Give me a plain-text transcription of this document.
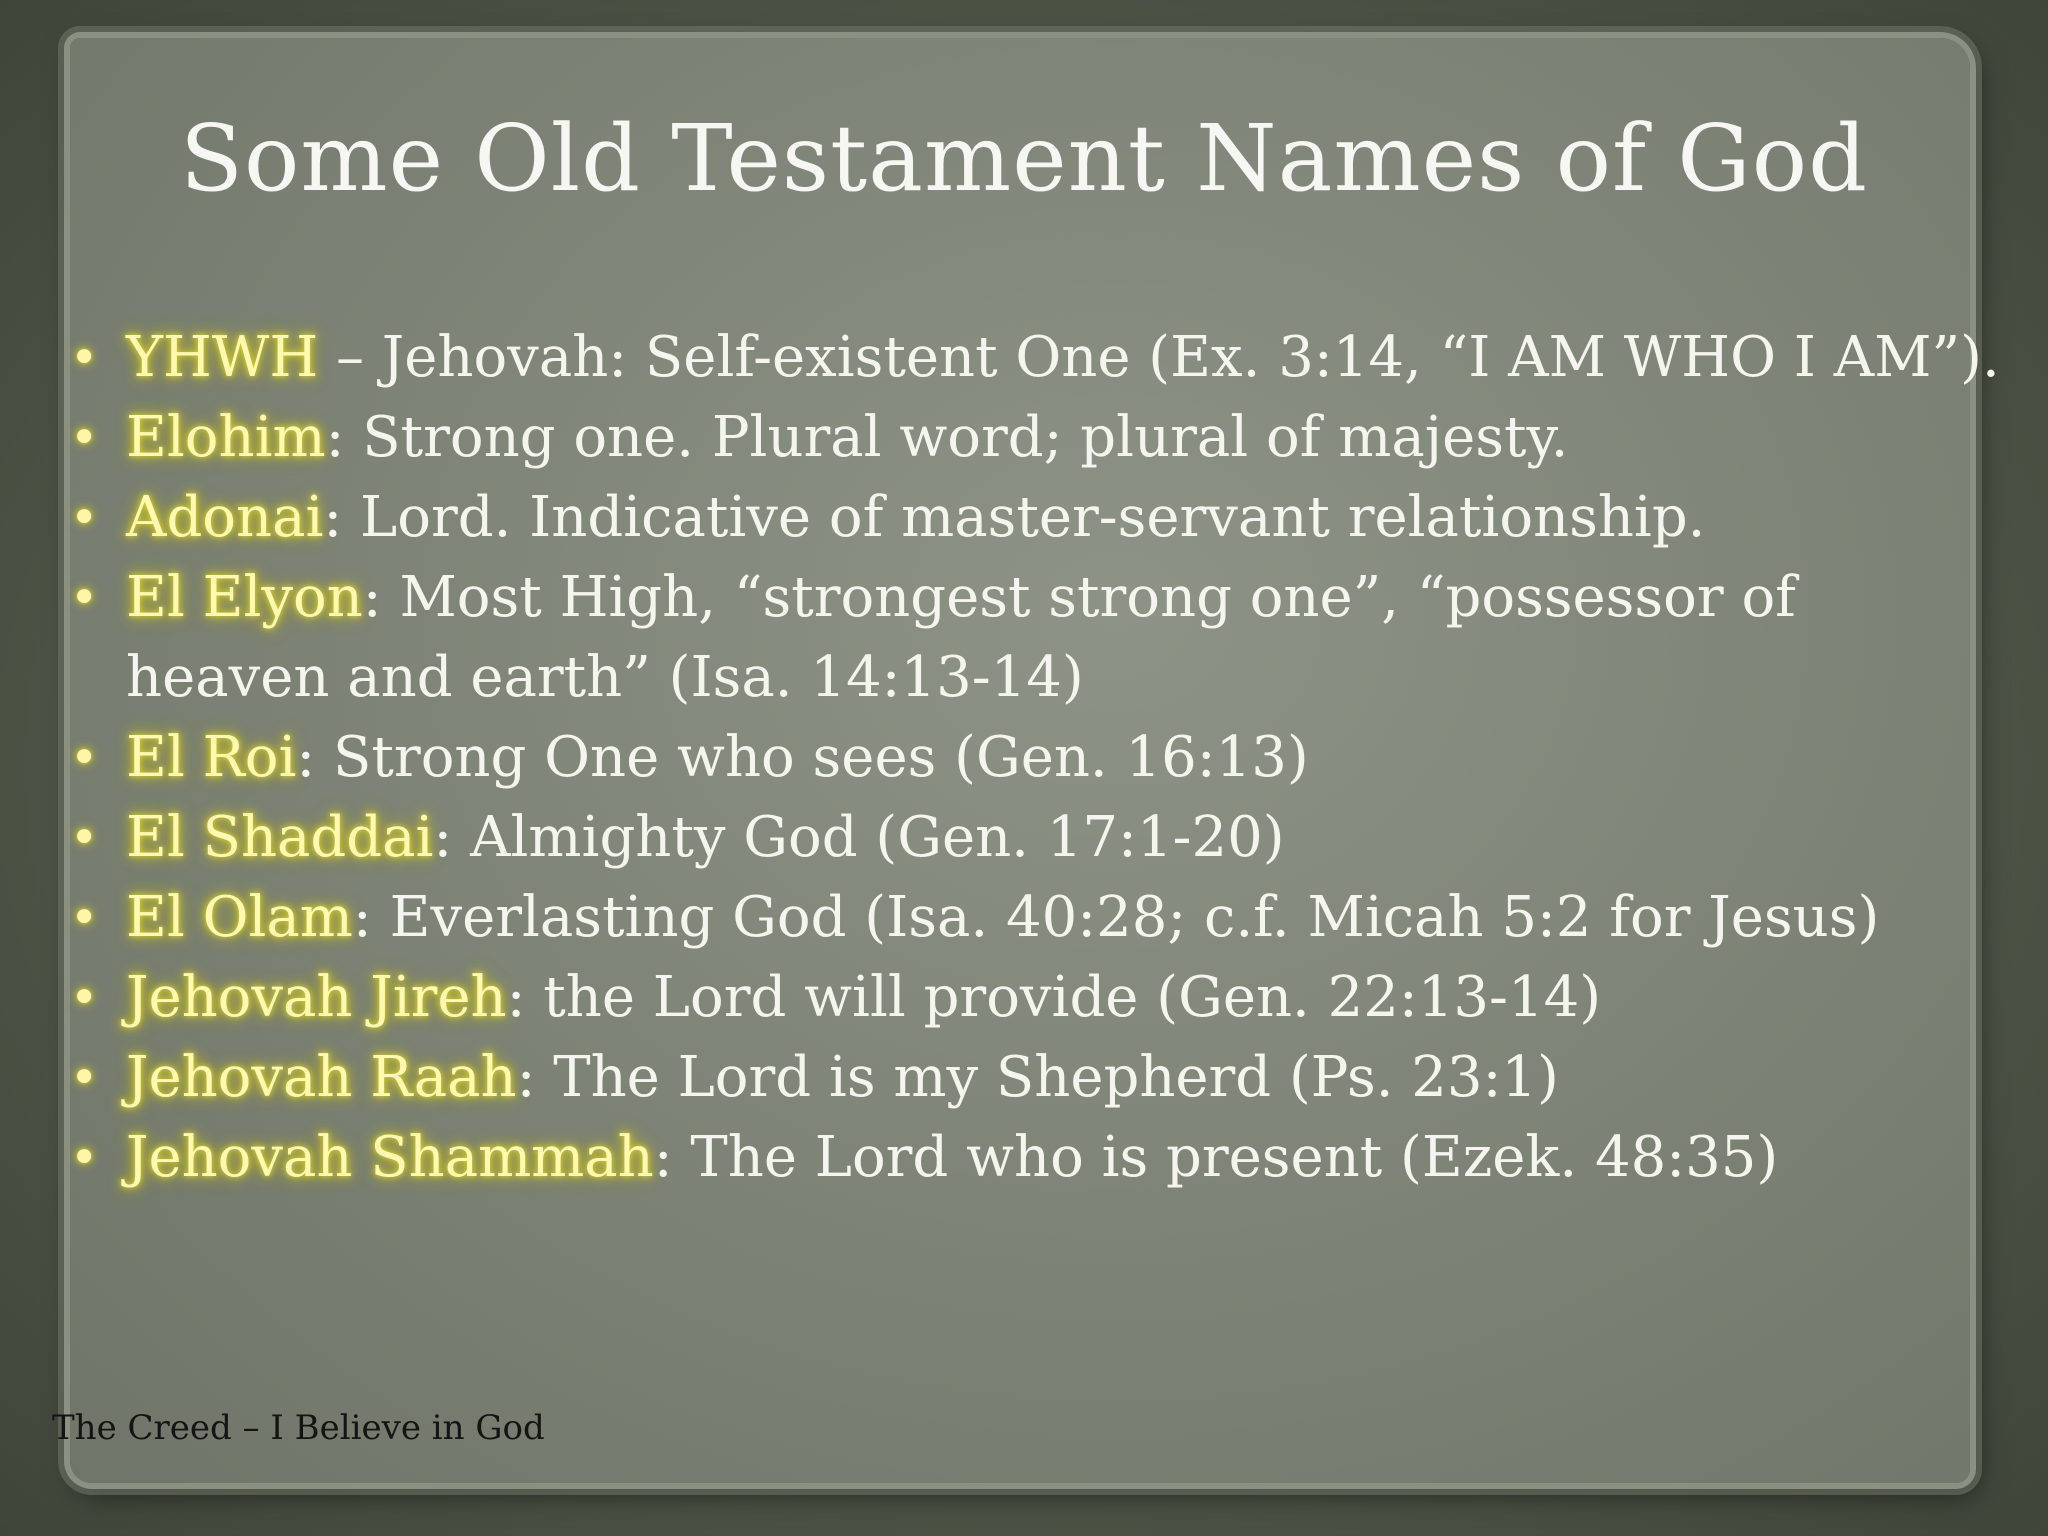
Some Old Testament Names of God
• YHWH – Jehovah: Self-existent One (Ex. 3:14, “I AM WHO I AM”).
• Elohim: Strong one. Plural word; plural of majesty.
• Adonai: Lord. Indicative of master-servant relationship.
• El Elyon: Most High, “strongest strong one”, “possessor of heaven and earth” (Isa. 14:13-14)
• El Roi: Strong One who sees (Gen. 16:13)
• El Shaddai: Almighty God (Gen. 17:1-20)
• El Olam: Everlasting God (Isa. 40:28; c.f. Micah 5:2 for Jesus)
• Jehovah Jireh: the Lord will provide (Gen. 22:13-14)
• Jehovah Raah: The Lord is my Shepherd (Ps. 23:1)
• Jehovah Shammah: The Lord who is present (Ezek. 48:35)
The Creed – I Believe in God
